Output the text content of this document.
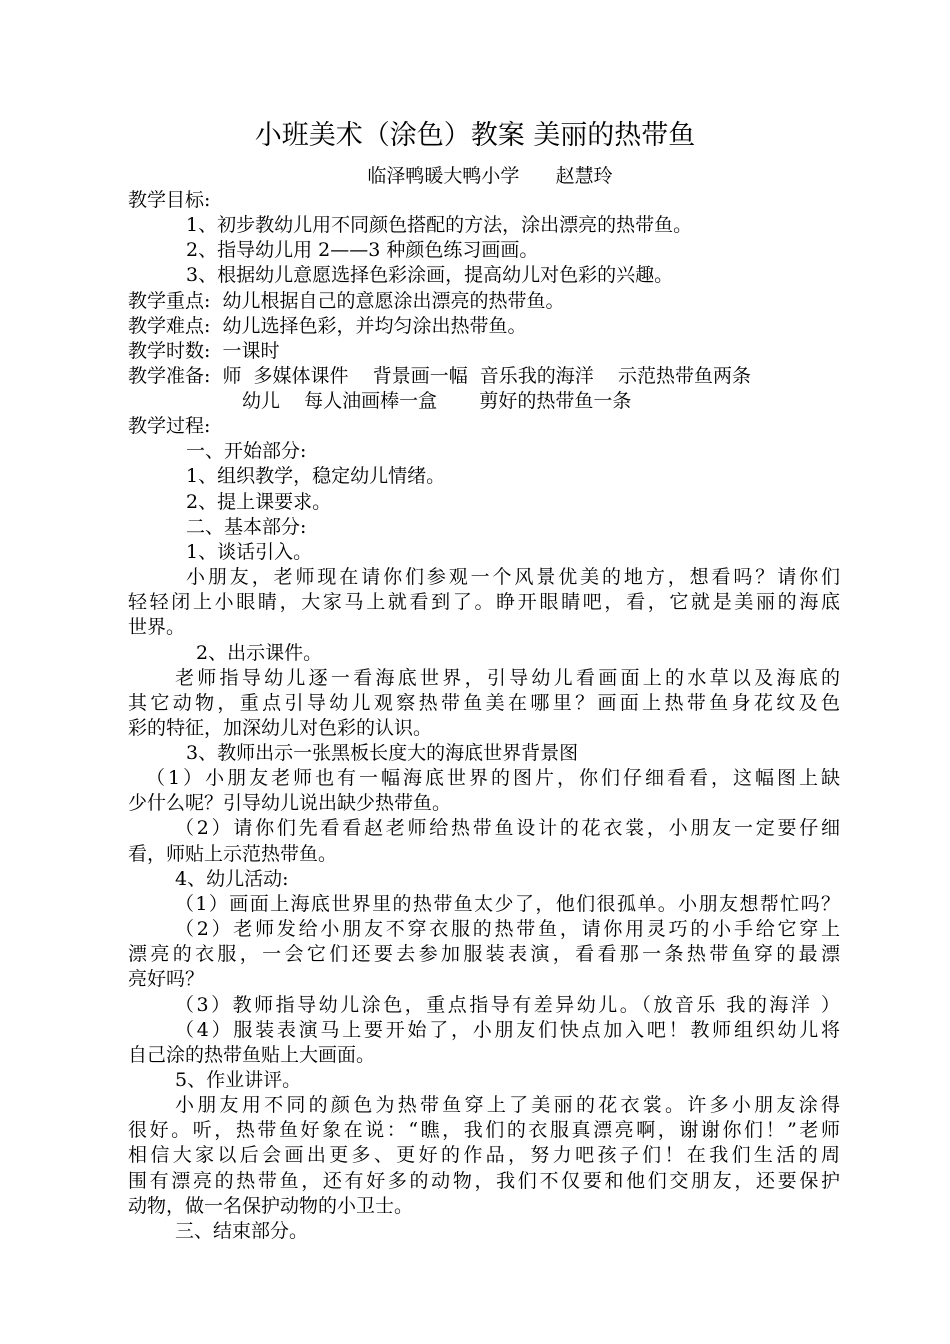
小班美术（涂色）教案 美丽的热带鱼
临泽鸭暖大鸭小学      赵慧玲
教学目标:
1、初步教幼儿用不同颜色搭配的方法，涂出漂亮的热带鱼。
2、指导幼儿用 2——3 种颜色练习画画。
3、根据幼儿意愿选择色彩涂画，提高幼儿对色彩的兴趣。
教学重点:  幼儿根据自己的意愿涂出漂亮的热带鱼。
教学难点:  幼儿选择色彩，并均匀涂出热带鱼。
教学时数:  一课时
教学准备:  师  多媒体课件    背景画一幅  音乐我的海洋    示范热带鱼两条
幼儿    每人油画棒一盒       剪好的热带鱼一条
教学过程:
一、开始部分:
1、组织教学，稳定幼儿情绪。
2、提上课要求。
二、基本部分:
1、谈话引入。
小朋友，老师现在请你们参观一个风景优美的地方，想看吗？请你们
轻轻闭上小眼睛，大家马上就看到了。睁开眼睛吧，看，它就是美丽的海底
世界。
2、出示课件。
老师指导幼儿逐一看海底世界，引导幼儿看画面上的水草以及海底的
其它动物，重点引导幼儿观察热带鱼美在哪里？画面上热带鱼身花纹及色
彩的特征，加深幼儿对色彩的认识。
3、教师出示一张黑板长度大的海底世界背景图
（1）小朋友老师也有一幅海底世界的图片，你们仔细看看，这幅图上缺
少什么呢？引导幼儿说出缺少热带鱼。
（2）请你们先看看赵老师给热带鱼设计的花衣裳，小朋友一定要仔细
看，师贴上示范热带鱼。
4、幼儿活动:
（1）画面上海底世界里的热带鱼太少了，他们很孤单。小朋友想帮忙吗？
（2）老师发给小朋友不穿衣服的热带鱼，请你用灵巧的小手给它穿上
漂亮的衣服，一会它们还要去参加服装表演，看看那一条热带鱼穿的最漂
亮好吗？
（3）教师指导幼儿涂色，重点指导有差异幼儿。（放音乐 我的海洋 ）
（4）服装表演马上要开始了，小朋友们快点加入吧！教师组织幼儿将
自己涂的热带鱼贴上大画面。
5、作业讲评。
小朋友用不同的颜色为热带鱼穿上了美丽的花衣裳。许多小朋友涂得
很好。听，热带鱼好象在说：“瞧，我们的衣服真漂亮啊，谢谢你们！”老师
相信大家以后会画出更多、更好的作品，努力吧孩子们！在我们生活的周
围有漂亮的热带鱼，还有好多的动物，我们不仅要和他们交朋友，还要保护
动物，做一名保护动物的小卫士。
三、结束部分。
